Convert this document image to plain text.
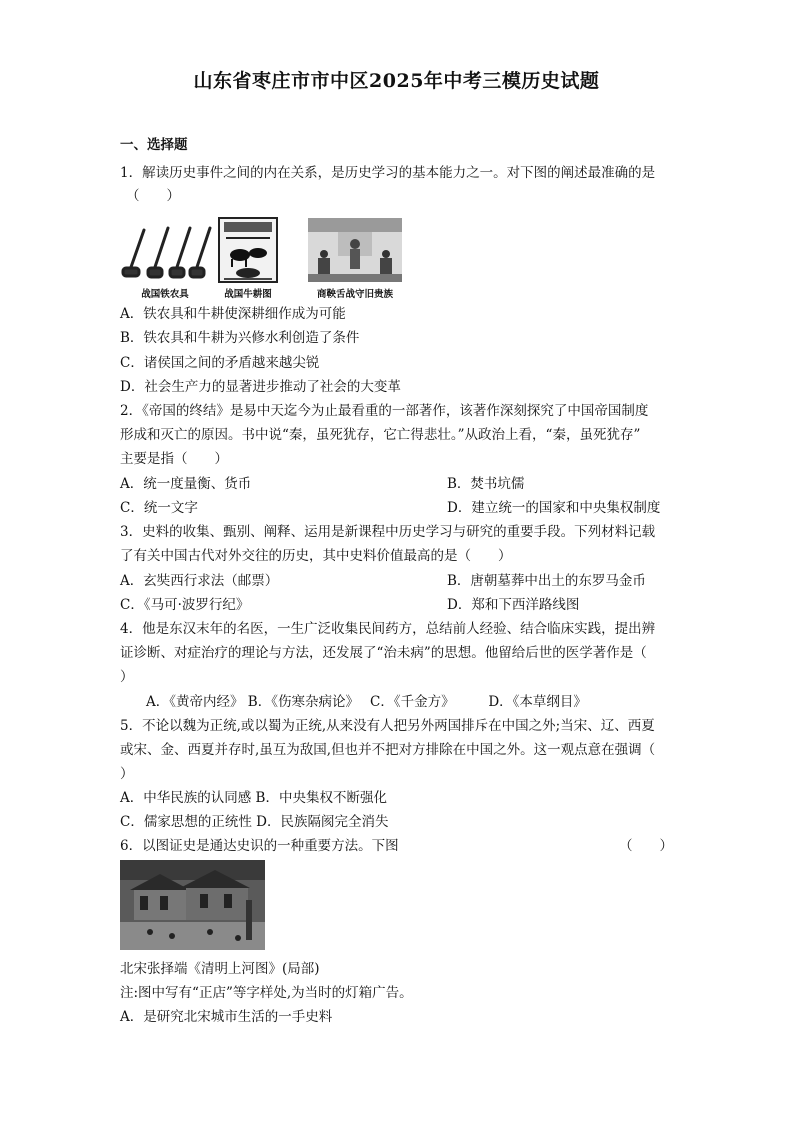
山东省枣庄市市中区2025年中考三模历史试题
一、选择题
1．解读历史事件之间的内在关系，是历史学习的基本能力之一。对下图的阐述最准确的是
（　　）
战国铁农具	战国牛耕图	商鞅舌战守旧贵族
A．铁农具和牛耕使深耕细作成为可能
B．铁农具和牛耕为兴修水利创造了条件
C．诸侯国之间的矛盾越来越尖锐
D．社会生产力的显著进步推动了社会的大变革
2．《帝国的终结》是易中天迄今为止最看重的一部著作，该著作深刻探究了中国帝国制度
形成和灭亡的原因。书中说“秦，虽死犹存，它亡得悲壮。”从政治上看，“秦，虽死犹存”
主要是指（　　）
A．统一度量衡、货币	B．焚书坑儒
C．统一文字	D．建立统一的国家和中央集权制度
3．史料的收集、甄别、阐释、运用是新课程中历史学习与研究的重要手段。下列材料记载
了有关中国古代对外交往的历史，其中史料价值最高的是（　　）
A．玄奘西行求法（邮票）	B．唐朝墓葬中出土的东罗马金币
C．《马可·波罗行纪》	D．郑和下西洋路线图
4．他是东汉末年的名医，一生广泛收集民间药方，总结前人经验、结合临床实践，提出辨
证诊断、对症治疗的理论与方法，还发展了“治未病”的思想。他留给后世的医学著作是（
）
A．《黄帝内经》 B．《伤寒杂病论》　 C．《千金方》　　　D．《本草纲目》
5．不论以魏为正统,或以蜀为正统,从来没有人把另外两国排斥在中国之外;当宋、辽、西夏
或宋、金、西夏并存时,虽互为敌国,但也并不把对方排除在中国之外。这一观点意在强调（
）
A．中华民族的认同感 B．中央集权不断强化
C．儒家思想的正统性 D．民族隔阂完全消失
6．以图证史是通达史识的一种重要方法。下图	（　　）
北宋张择端《清明上河图》(局部)
注:图中写有“正店”等字样处,为当时的灯箱广告。
A．是研究北宋城市生活的一手史料
